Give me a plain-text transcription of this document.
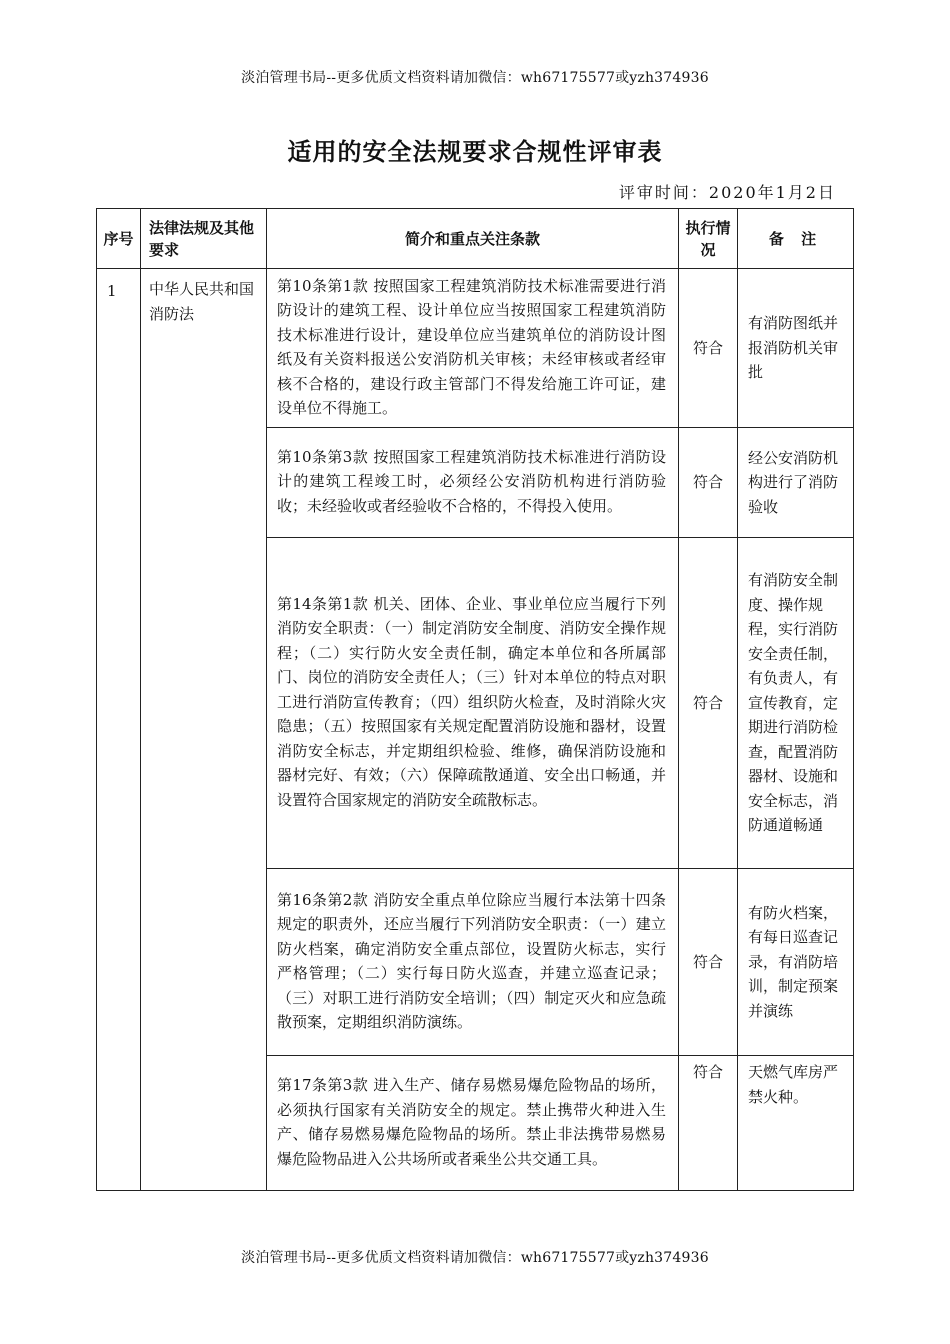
淡泊管理书局--更多优质文档资料请加微信：wh67175577或yzh374936
适用的安全法规要求合规性评审表
评审时间：2020年1月2日
序号	法律法规及其他要求	简介和重点关注条款	执行情况	备 注
1	中华人民共和国消防法	第10条第1款 按照国家工程建筑消防技术标准需要进行消防设计的建筑工程、设计单位应当按照国家工程建筑消防技术标准进行设计，建设单位应当建筑单位的消防设计图纸及有关资料报送公安消防机关审核；未经审核或者经审核不合格的，建设行政主管部门不得发给施工许可证，建设单位不得施工。	符合	有消防图纸并报消防机关审批
		第10条第3款 按照国家工程建筑消防技术标准进行消防设计的建筑工程竣工时，必须经公安消防机构进行消防验收；未经验收或者经验收不合格的，不得投入使用。	符合	经公安消防机构进行了消防验收
		第14条第1款 机关、团体、企业、事业单位应当履行下列消防安全职责：（一）制定消防安全制度、消防安全操作规程；（二）实行防火安全责任制，确定本单位和各所属部门、岗位的消防安全责任人；（三）针对本单位的特点对职工进行消防宣传教育；（四）组织防火检查，及时消除火灾隐患；（五）按照国家有关规定配置消防设施和器材，设置消防安全标志，并定期组织检验、维修，确保消防设施和器材完好、有效；（六）保障疏散通道、安全出口畅通，并设置符合国家规定的消防安全疏散标志。	符合	有消防安全制度、操作规程，实行消防安全责任制，有负责人，有宣传教育，定期进行消防检查，配置消防器材、设施和安全标志，消防通道畅通
		第16条第2款 消防安全重点单位除应当履行本法第十四条规定的职责外，还应当履行下列消防安全职责：（一）建立防火档案，确定消防安全重点部位，设置防火标志，实行严格管理；（二）实行每日防火巡查，并建立巡查记录；（三）对职工进行消防安全培训；（四）制定灭火和应急疏散预案，定期组织消防演练。	符合	有防火档案，有每日巡查记录，有消防培训，制定预案并演练
		第17条第3款 进入生产、储存易燃易爆危险物品的场所，必须执行国家有关消防安全的规定。禁止携带火种进入生产、储存易燃易爆危险物品的场所。禁止非法携带易燃易爆危险物品进入公共场所或者乘坐公共交通工具。	符合	天燃气库房严禁火种。
淡泊管理书局--更多优质文档资料请加微信：wh67175577或yzh374936
